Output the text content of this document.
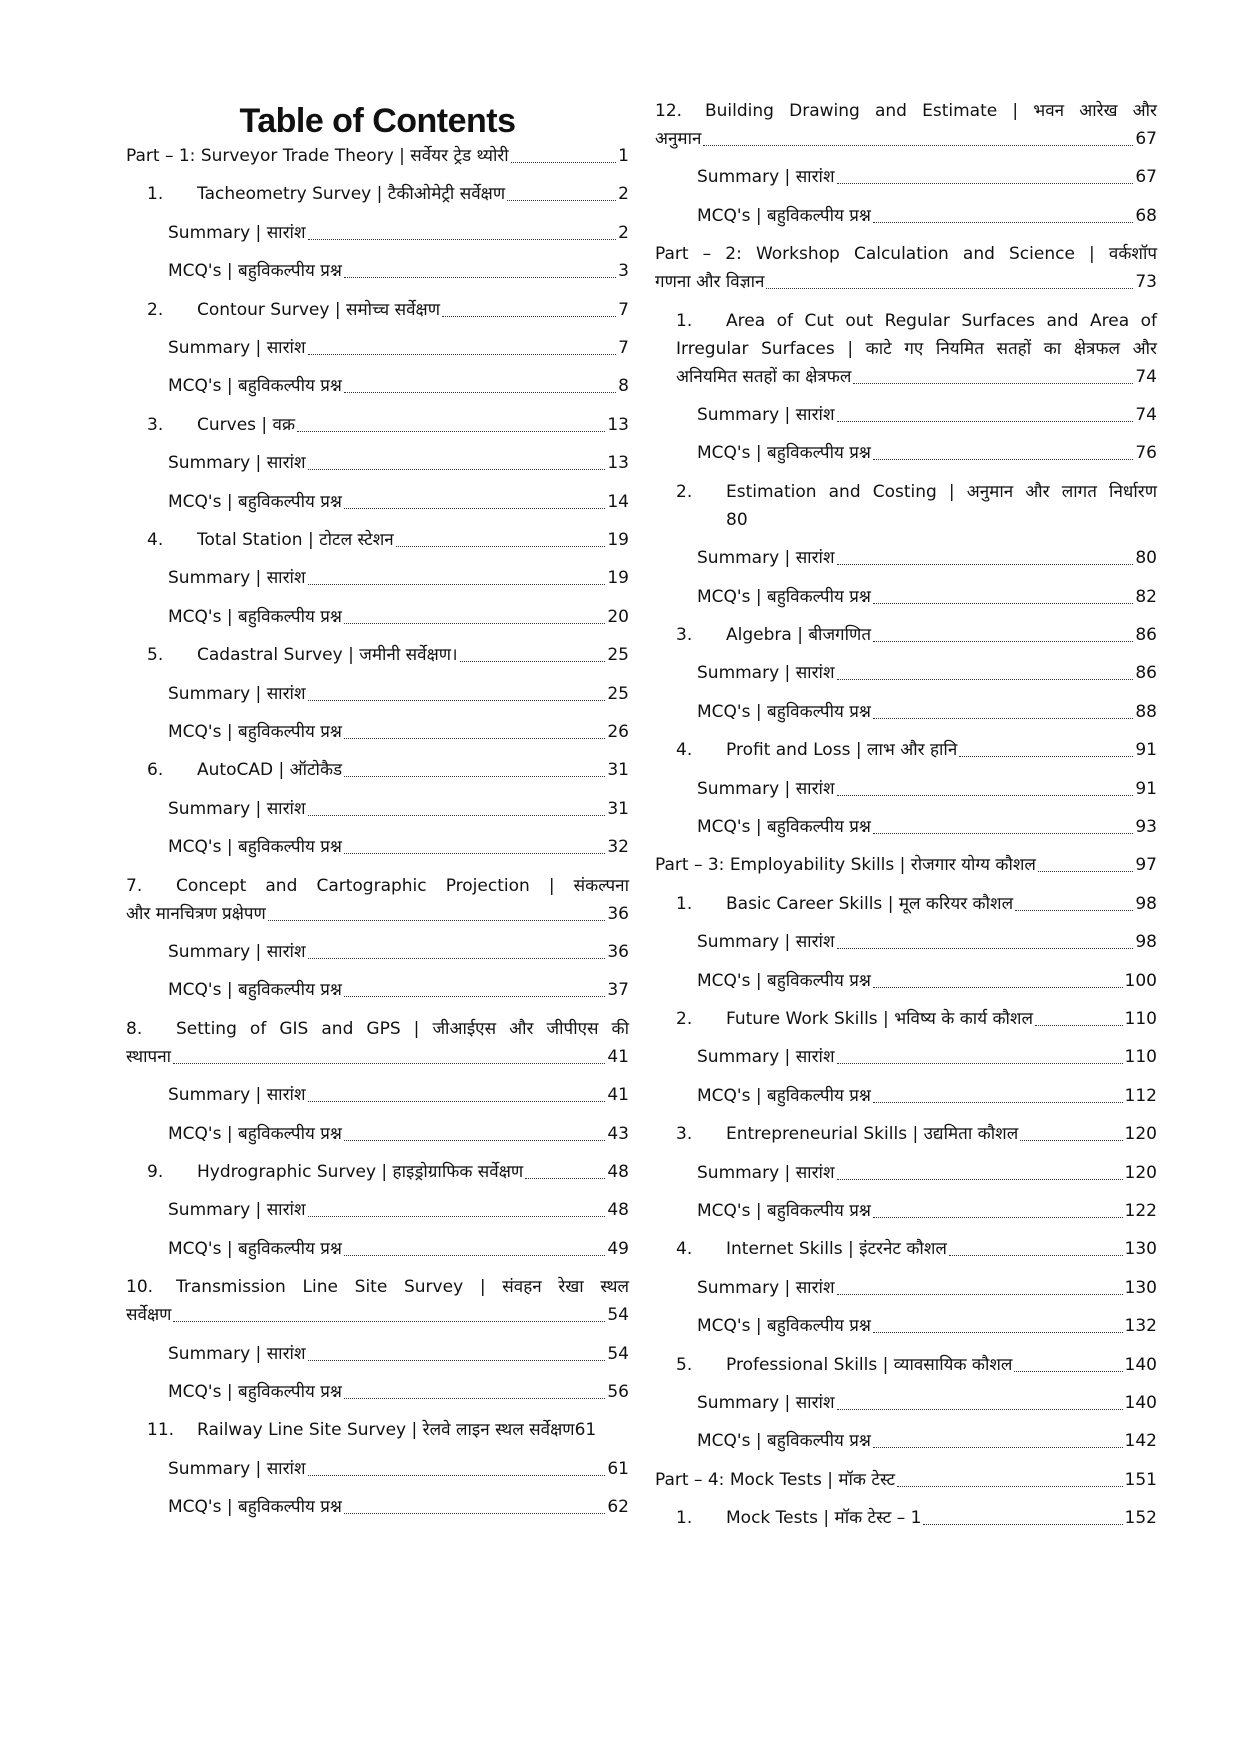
Table of Contents
Part – 1: Surveyor Trade Theory | सर्वेयर ट्रेड थ्योरी	1
1.	Tacheometry Survey | टैकीओमेट्री सर्वेक्षण	2
Summary | सारांश	2
MCQ's | बहुविकल्पीय प्रश्न	3
2.	Contour Survey | समोच्च सर्वेक्षण	7
Summary | सारांश	7
MCQ's | बहुविकल्पीय प्रश्न	8
3.	Curves | वक्र	13
Summary | सारांश	13
MCQ's | बहुविकल्पीय प्रश्न	14
4.	Total Station | टोटल स्टेशन	19
Summary | सारांश	19
MCQ's | बहुविकल्पीय प्रश्न	20
5.	Cadastral Survey | जमीनी सर्वेक्षण।	25
Summary | सारांश	25
MCQ's | बहुविकल्पीय प्रश्न	26
6.	AutoCAD | ऑटोकैड	31
Summary | सारांश	31
MCQ's | बहुविकल्पीय प्रश्न	32
7.	Concept and Cartographic Projection | संकल्पना
और मानचित्रण प्रक्षेपण	36
Summary | सारांश	36
MCQ's | बहुविकल्पीय प्रश्न	37
8.	Setting of GIS and GPS | जीआईएस और जीपीएस की
स्थापना	41
Summary | सारांश	41
MCQ's | बहुविकल्पीय प्रश्न	43
9.	Hydrographic Survey | हाइड्रोग्राफिक सर्वेक्षण	48
Summary | सारांश	48
MCQ's | बहुविकल्पीय प्रश्न	49
10.	Transmission Line Site Survey | संवहन रेखा स्थल
सर्वेक्षण	54
Summary | सारांश	54
MCQ's | बहुविकल्पीय प्रश्न	56
11.	Railway Line Site Survey | रेलवे लाइन स्थल सर्वेक्षण 61
Summary | सारांश	61
MCQ's | बहुविकल्पीय प्रश्न	62
12.	Building Drawing and Estimate | भवन आरेख और
अनुमान	67
Summary | सारांश	67
MCQ's | बहुविकल्पीय प्रश्न	68
Part – 2: Workshop Calculation and Science | वर्कशॉप
गणना और विज्ञान	73
1.	Area of Cut out Regular Surfaces and Area of
Irregular Surfaces | काटे गए नियमित सतहों का क्षेत्रफल और
अनियमित सतहों का क्षेत्रफल	74
Summary | सारांश	74
MCQ's | बहुविकल्पीय प्रश्न	76
2.	Estimation and Costing | अनुमान और लागत निर्धारण
80
Summary | सारांश	80
MCQ's | बहुविकल्पीय प्रश्न	82
3.	Algebra | बीजगणित	86
Summary | सारांश	86
MCQ's | बहुविकल्पीय प्रश्न	88
4.	Profit and Loss | लाभ और हानि	91
Summary | सारांश	91
MCQ's | बहुविकल्पीय प्रश्न	93
Part – 3: Employability Skills | रोजगार योग्य कौशल	97
1.	Basic Career Skills | मूल करियर कौशल	98
Summary | सारांश	98
MCQ's | बहुविकल्पीय प्रश्न	100
2.	Future Work Skills | भविष्य के कार्य कौशल	110
Summary | सारांश	110
MCQ's | बहुविकल्पीय प्रश्न	112
3.	Entrepreneurial Skills | उद्यमिता कौशल	120
Summary | सारांश	120
MCQ's | बहुविकल्पीय प्रश्न	122
4.	Internet Skills | इंटरनेट कौशल	130
Summary | सारांश	130
MCQ's | बहुविकल्पीय प्रश्न	132
5.	Professional Skills | व्यावसायिक कौशल	140
Summary | सारांश	140
MCQ's | बहुविकल्पीय प्रश्न	142
Part – 4: Mock Tests | मॉक टेस्ट	151
1.	Mock Tests | मॉक टेस्ट – 1	152
